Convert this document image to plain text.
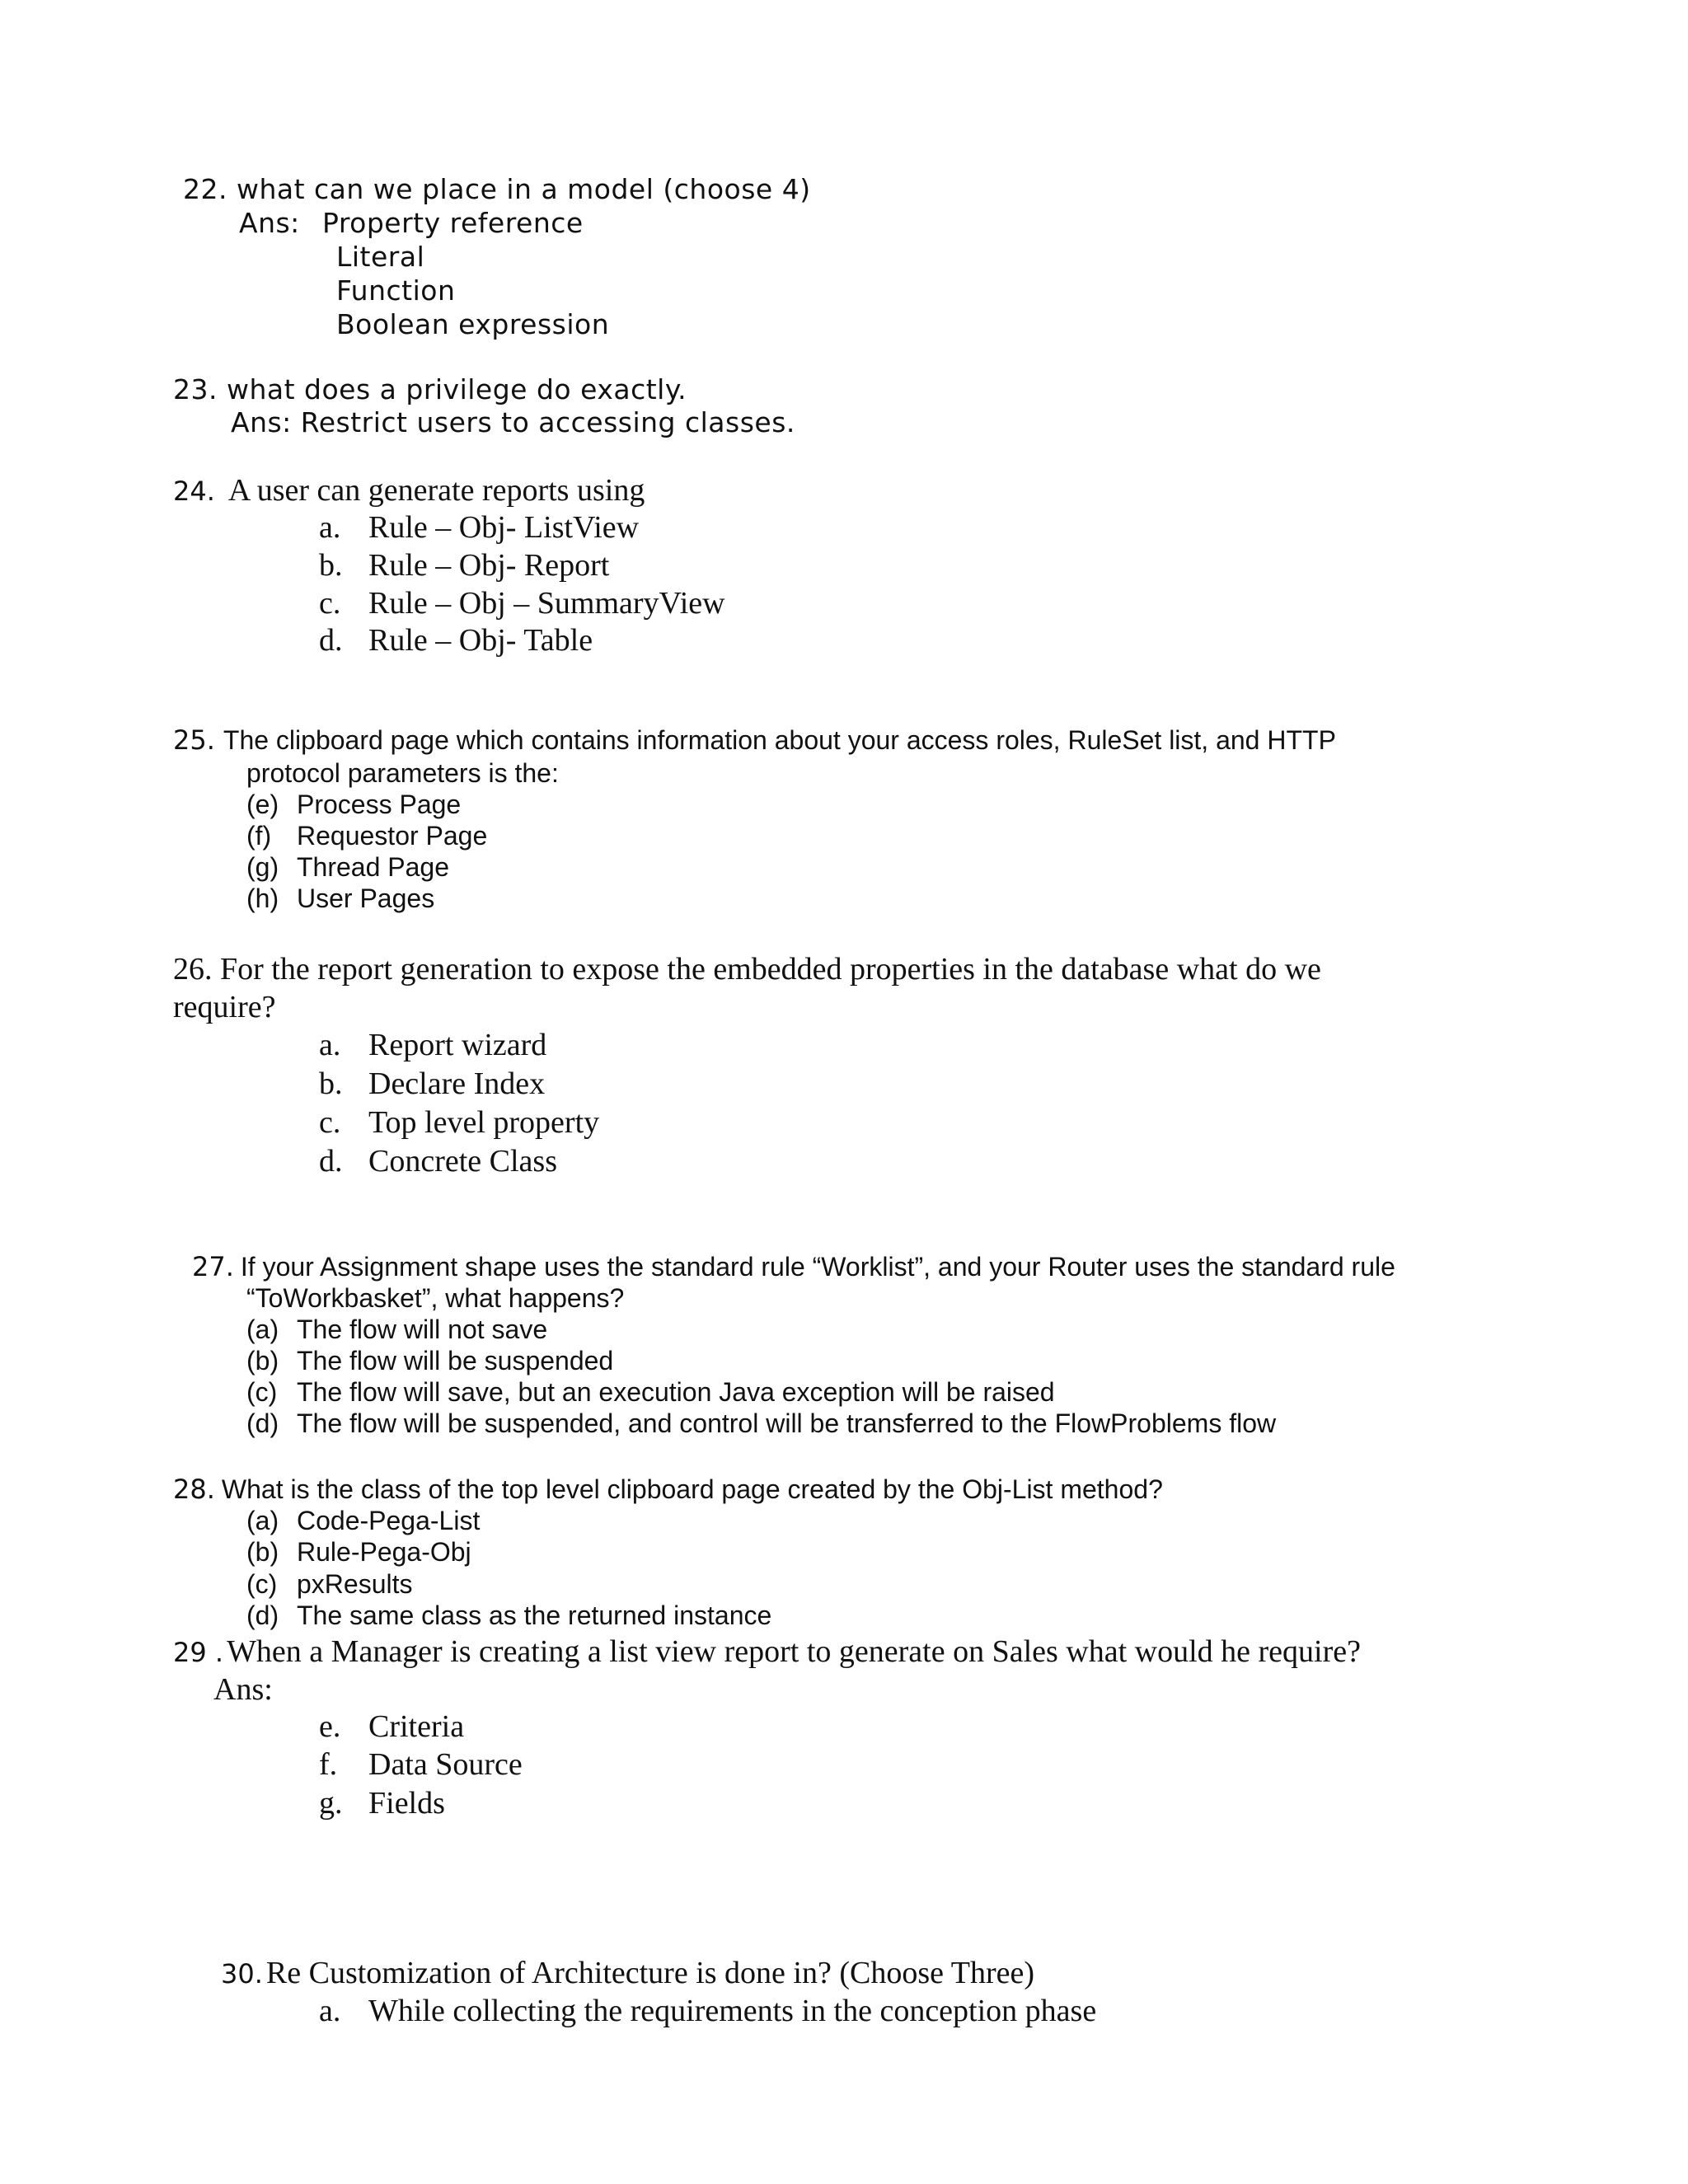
22. what can we place in a model (choose 4)
Ans: Property reference
Literal
Function
Boolean expression
23. what does a privilege do exactly.
Ans: Restrict users to accessing classes.
24. A user can generate reports using
a. Rule – Obj- ListView
b. Rule – Obj- Report
c. Rule – Obj – SummaryView
d. Rule – Obj- Table
25. The clipboard page which contains information about your access roles, RuleSet list, and HTTP
protocol parameters is the:
(e) Process Page
(f) Requestor Page
(g) Thread Page
(h) User Pages
26. For the report generation to expose the embedded properties in the database what do we
require?
a. Report wizard
b. Declare Index
c. Top level property
d. Concrete Class
27. If your Assignment shape uses the standard rule “Worklist”, and your Router uses the standard rule
“ToWorkbasket”, what happens?
(a) The flow will not save
(b) The flow will be suspended
(c) The flow will save, but an execution Java exception will be raised
(d) The flow will be suspended, and control will be transferred to the FlowProblems flow
28. What is the class of the top level clipboard page created by the Obj-List method?
(a) Code-Pega-List
(b) Rule-Pega-Obj
(c) pxResults
(d) The same class as the returned instance
29 . When a Manager is creating a list view report to generate on Sales what would he require?
Ans:
e. Criteria
f. Data Source
g. Fields
30. Re Customization of Architecture is done in? (Choose Three)
a. While collecting the requirements in the conception phase
